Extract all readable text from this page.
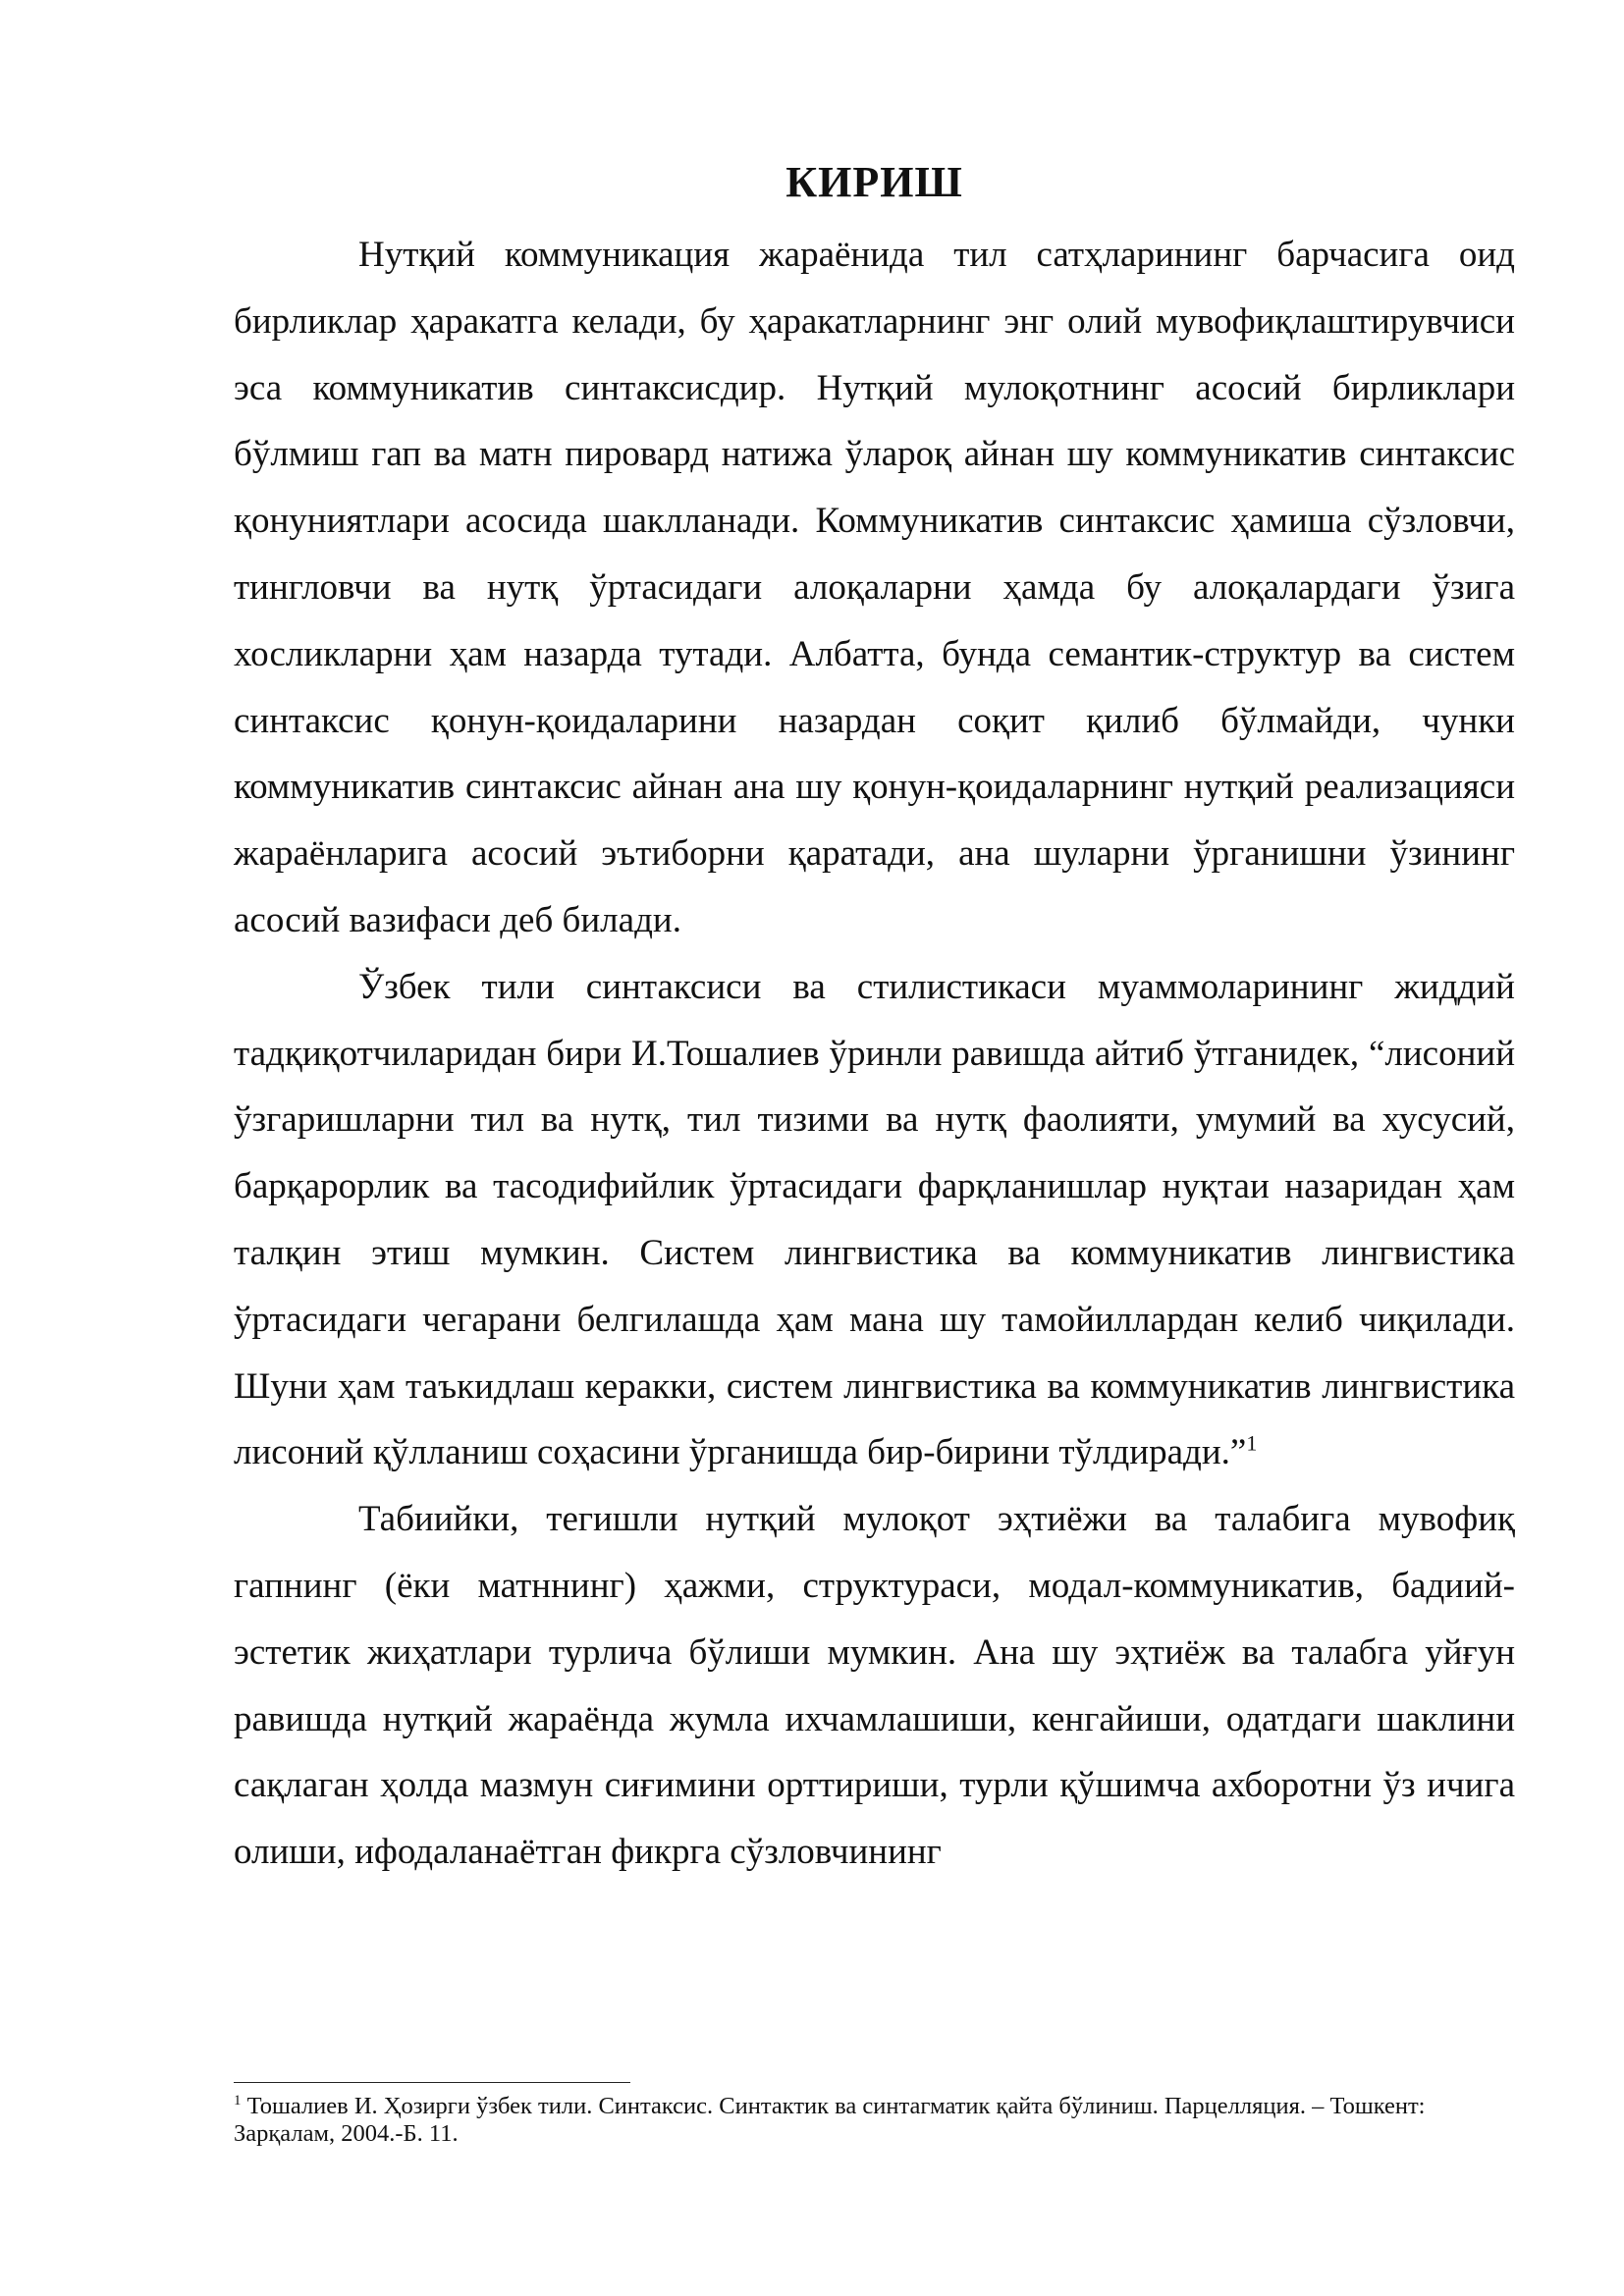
КИРИШ

Нутқий коммуникация жараёнида тил сатҳларининг барчасига оид бирликлар ҳаракатга келади, бу ҳаракатларнинг энг олий мувофиқлаштирувчиси эса коммуникатив синтаксисдир. Нутқий мулоқотнинг асосий бирликлари бўлмиш гап ва матн пировард натижа ўлароқ айнан шу коммуникатив синтаксис қонуниятлари асосида шаклланади. Коммуникатив синтаксис ҳамиша сўзловчи, тингловчи ва нутқ ўртасидаги алоқаларни ҳамда бу алоқалардаги ўзига хосликларни ҳам назарда тутади. Албатта, бунда семантик-структур ва систем синтаксис қонун-қоидаларини назардан соқит қилиб бўлмайди, чунки коммуникатив синтаксис айнан ана шу қонун-қоидаларнинг нутқий реализацияси жараёнларига асосий эътиборни қаратади, ана шуларни ўрганишни ўзининг асосий вазифаси деб билади.

Ўзбек тили синтаксиси ва стилистикаси муаммоларининг жиддий тадқиқотчиларидан бири И.Тошалиев ўринли равишда айтиб ўтганидек, “лисоний ўзгаришларни тил ва нутқ, тил тизими ва нутқ фаолияти, умумий ва хусусий, барқарорлик ва тасодифийлик ўртасидаги фарқланишлар нуқтаи назаридан ҳам талқин этиш мумкин. Систем лингвистика ва коммуникатив лингвистика ўртасидаги чегарани белгилашда ҳам мана шу тамойиллардан келиб чиқилади. Шуни ҳам таъкидлаш керакки, систем лингвистика ва коммуникатив лингвистика лисоний қўлланиш соҳасини ўрганишда бир-бирини тўлдиради.”$^1$

Табиийки, тегишли нутқий мулоқот эҳтиёжи ва талабига мувофиқ гапнинг (ёки матннинг) ҳажми, структураси, модал-коммуникатив, бадиий-эстетик жиҳатлари турлича бўлиши мумкин. Ана шу эҳтиёж ва талабга уйғун равишда нутқий жараёнда жумла ихчамлашиши, кенгайиши, одатдаги шаклини сақлаган ҳолда мазмун сиғимини орттириши, турли қўшимча ахборотни ўз ичига олиши, ифодаланаётган фикрга сўзловчининг

$^1$ Тошалиев И. Ҳозирги ўзбек тили. Синтаксис. Синтактик ва синтагматик қайта бўлиниш. Парцелляция. – Тошкент: Зарқалам, 2004.-Б. 11.
